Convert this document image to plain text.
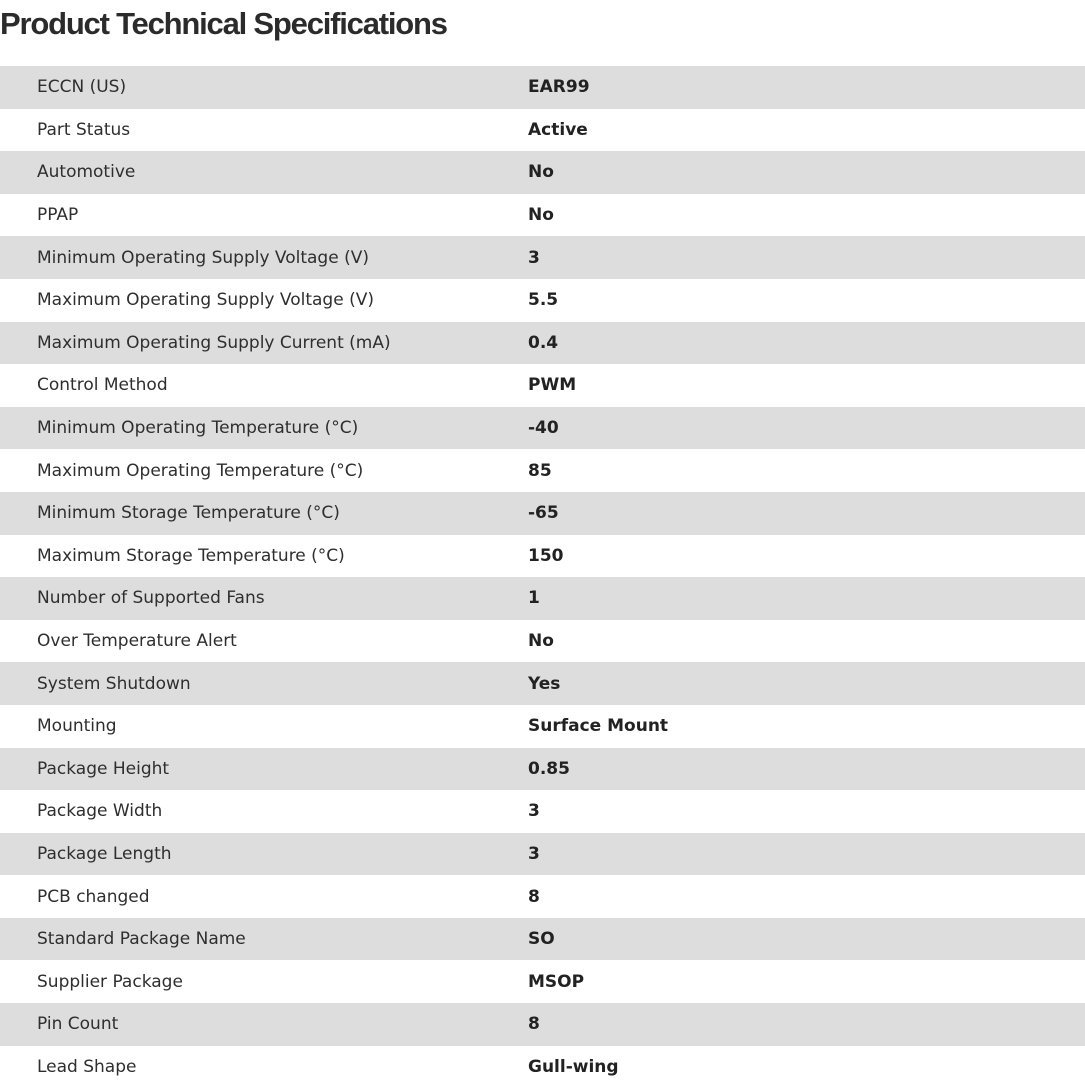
Product Technical Specifications
ECCN (US)	EAR99
Part Status	Active
Automotive	No
PPAP	No
Minimum Operating Supply Voltage (V)	3
Maximum Operating Supply Voltage (V)	5.5
Maximum Operating Supply Current (mA)	0.4
Control Method	PWM
Minimum Operating Temperature (°C)	-40
Maximum Operating Temperature (°C)	85
Minimum Storage Temperature (°C)	-65
Maximum Storage Temperature (°C)	150
Number of Supported Fans	1
Over Temperature Alert	No
System Shutdown	Yes
Mounting	Surface Mount
Package Height	0.85
Package Width	3
Package Length	3
PCB changed	8
Standard Package Name	SO
Supplier Package	MSOP
Pin Count	8
Lead Shape	Gull-wing
